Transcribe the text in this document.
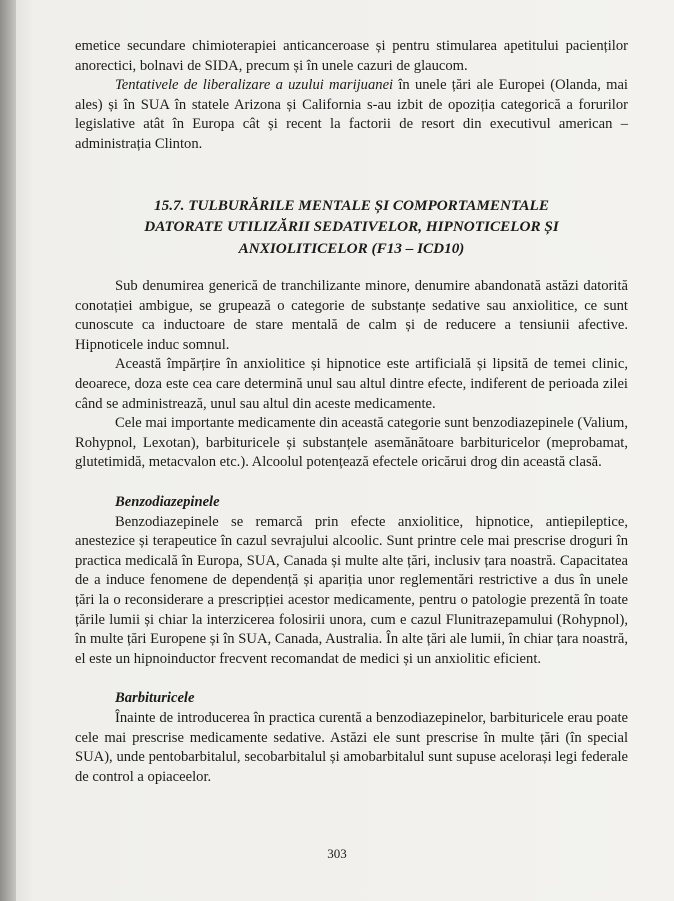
emetice secundare chimioterapiei anticanceroase și pentru stimularea apetitului pacienților anorectici, bolnavi de SIDA, precum și în unele cazuri de glaucom.

Tentativele de liberalizare a uzului marijuanei în unele țări ale Europei (Olanda, mai ales) și în SUA în statele Arizona și California s-au izbit de opoziția categorică a forurilor legislative atât în Europa cât și recent la factorii de resort din executivul american – administrația Clinton.

15.7. TULBURĂRILE MENTALE ȘI COMPORTAMENTALE
DATORATE UTILIZĂRII SEDATIVELOR, HIPNOTICELOR ȘI
ANXIOLITICELOR (F13 – ICD10)

Sub denumirea generică de tranchilizante minore, denumire abandonată astăzi datorită conotației ambigue, se grupează o categorie de substanțe sedative sau anxiolitice, ce sunt cunoscute ca inductoare de stare mentală de calm și de reducere a tensiunii afective. Hipnoticele induc somnul.

Această împărțire în anxiolitice și hipnotice este artificială și lipsită de temei clinic, deoarece, doza este cea care determină unul sau altul dintre efecte, indiferent de perioada zilei când se administrează, unul sau altul din aceste medicamente.

Cele mai importante medicamente din această categorie sunt benzodiazepinele (Valium, Rohypnol, Lexotan), barbituricele și substanțele asemănătoare barbituricelor (meprobamat, glutetimidă, metacvalon etc.). Alcoolul potențează efectele oricărui drog din această clasă.

Benzodiazepinele

Benzodiazepinele se remarcă prin efecte anxiolitice, hipnotice, antiepileptice, anestezice și terapeutice în cazul sevrajului alcoolic. Sunt printre cele mai prescrise droguri în practica medicală în Europa, SUA, Canada și multe alte țări, inclusiv țara noastră. Capacitatea de a induce fenomene de dependență și apariția unor reglementări restrictive a dus în unele țări la o reconsiderare a prescripției acestor medicamente, pentru o patologie prezentă în toate țările lumii și chiar la interzicerea folosirii unora, cum e cazul Flunitrazepamului (Rohypnol), în multe țări Europene și în SUA, Canada, Australia. În alte țări ale lumii, în chiar țara noastră, el este un hipnoinductor frecvent recomandat de medici și un anxiolitic eficient.

Barbituricele

Înainte de introducerea în practica curentă a benzodiazepinelor, barbituricele erau poate cele mai prescrise medicamente sedative. Astăzi ele sunt prescrise în multe țări (în special SUA), unde pentobarbitalul, secobarbitalul și amobarbitalul sunt supuse acelorași legi federale de control a opiaceelor.

303
